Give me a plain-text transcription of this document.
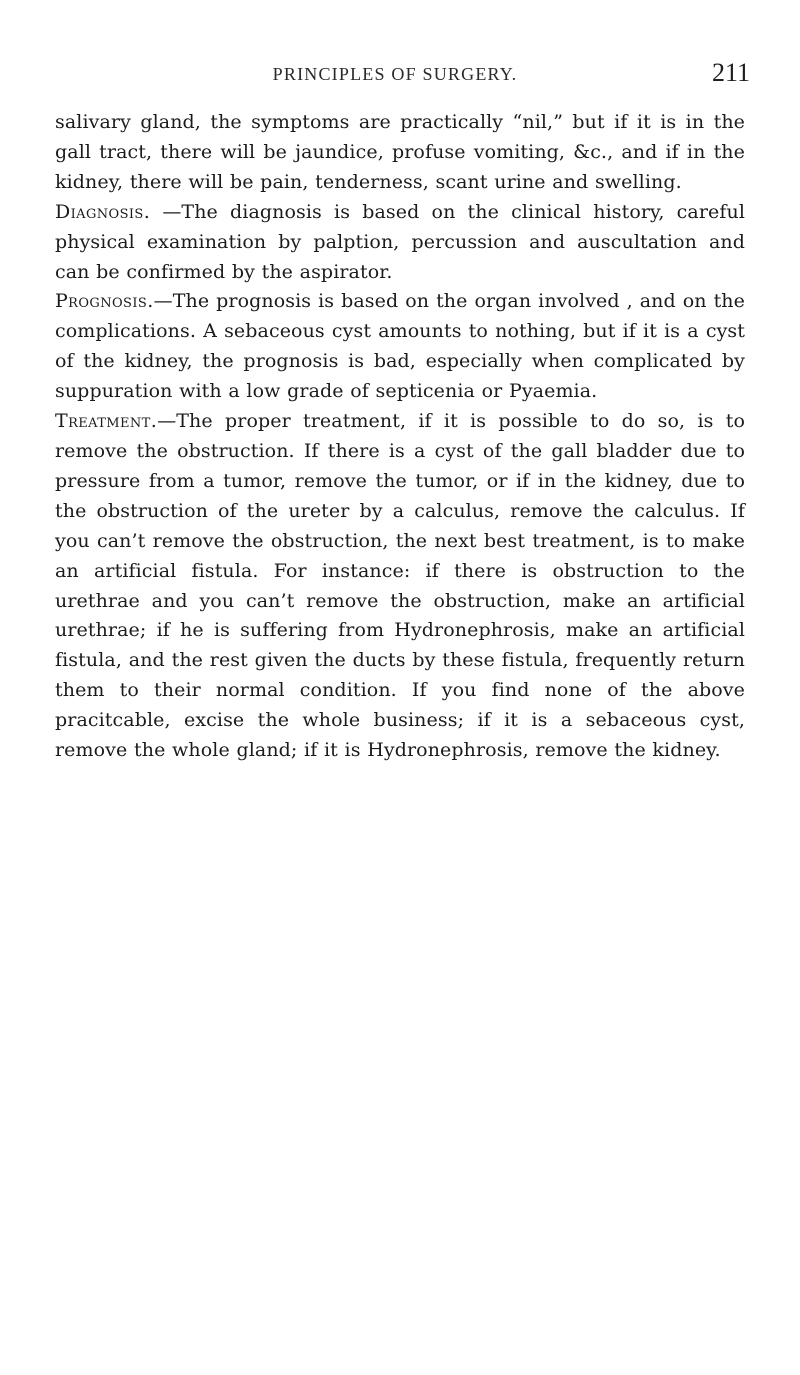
PRINCIPLES OF SURGERY.	211

salivary gland, the symptoms are practically “nil,” but if it is in the gall tract, there will be jaundice, profuse vomiting, &c., and if in the kidney, there will be pain, tenderness, scant urine and swelling.

Diagnosis. —The diagnosis is based on the clinical history, careful physical examination by palption, percussion and auscultation and can be confirmed by the aspirator.

Prognosis.—The prognosis is based on the organ involved , and on the complications. A sebaceous cyst amounts to nothing, but if it is a cyst of the kidney, the prognosis is bad, especially when complicated by suppuration with a low grade of septicenia or Pyaemia.

Treatment.—The proper treatment, if it is possible to do so, is to remove the obstruction. If there is a cyst of the gall bladder due to pressure from a tumor, remove the tumor, or if in the kidney, due to the obstruction of the ureter by a calculus, remove the calculus. If you can’t remove the obstruction, the next best treatment, is to make an artificial fistula. For instance: if there is obstruction to the urethrae and you can’t remove the obstruction, make an artificial urethrae; if he is suffering from Hydronephrosis, make an artificial fistula, and the rest given the ducts by these fistula, frequently return them to their normal condition. If you find none of the above pracitcable, excise the whole business; if it is a sebaceous cyst, remove the whole gland; if it is Hydronephrosis, remove the kidney.
